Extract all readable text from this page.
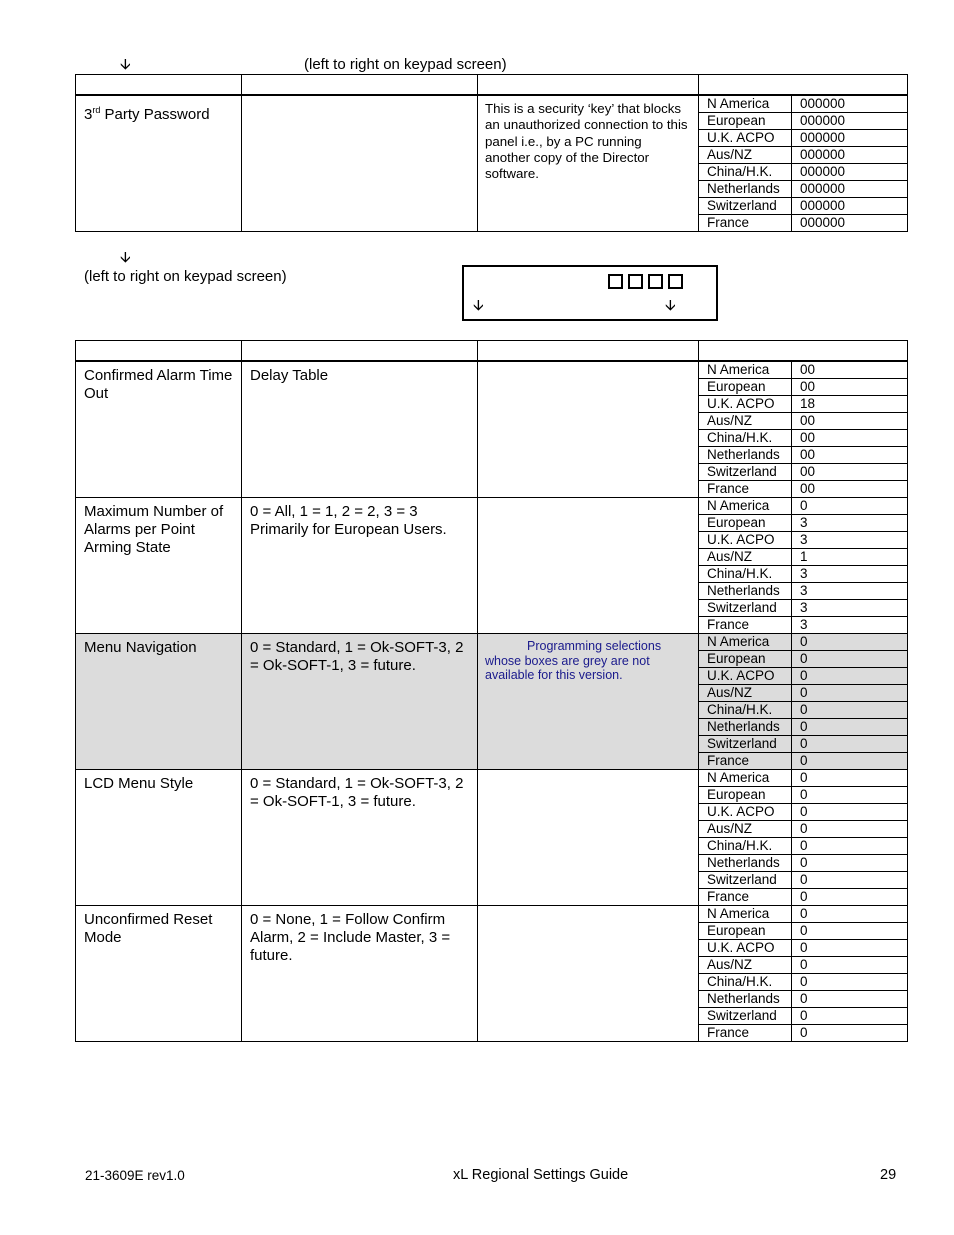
🡫	(left to right on keypad screen)

3rd Party Password		This is a security ‘key’ that blocks an unauthorized connection to this panel i.e., by a PC running another copy of the Director software.	
N America	000000
European	000000
U.K. ACPO	000000
Aus/NZ	000000
China/H.K.	000000
Netherlands	000000
Switzerland	000000
France	000000
🡫
(left to right on keypad screen)
🡫	🡫

Confirmed Alarm Time Out	Delay Table			N America	00
European	00
U.K. ACPO	18
Aus/NZ	00
China/H.K.	00
Netherlands	00
Switzerland	00
France	00

Maximum Number of Alarms per Point Arming State	0 = All, 1 = 1, 2 = 2, 3 = 3 Primarily for European Users.		
N America	0
European	3
U.K. ACPO	3
Aus/NZ	1
China/H.K.	3
Netherlands	3
Switzerland	3
France	3

Menu Navigation	0 = Standard, 1 = Ok-SOFT-3, 2 = Ok-SOFT-1, 3 = future.	Programming selections whose boxes are grey are not available for this version.	
N America	0
European	0
U.K. ACPO	0
Aus/NZ	0
China/H.K.	0
Netherlands	0
Switzerland	0
France	0

LCD Menu Style	0 = Standard, 1 = Ok-SOFT-3, 2 = Ok-SOFT-1, 3 = future.		
N America	0
European	0
U.K. ACPO	0
Aus/NZ	0
China/H.K.	0
Netherlands	0
Switzerland	0
France	0

Unconfirmed Reset Mode	0 = None, 1 = Follow Confirm Alarm, 2 = Include Master, 3 = future.		
N America	0
European	0
U.K. ACPO	0
Aus/NZ	0
China/H.K.	0
Netherlands	0
Switzerland	0
France	0
21-3609E rev1.0	xL Regional Settings Guide	29
